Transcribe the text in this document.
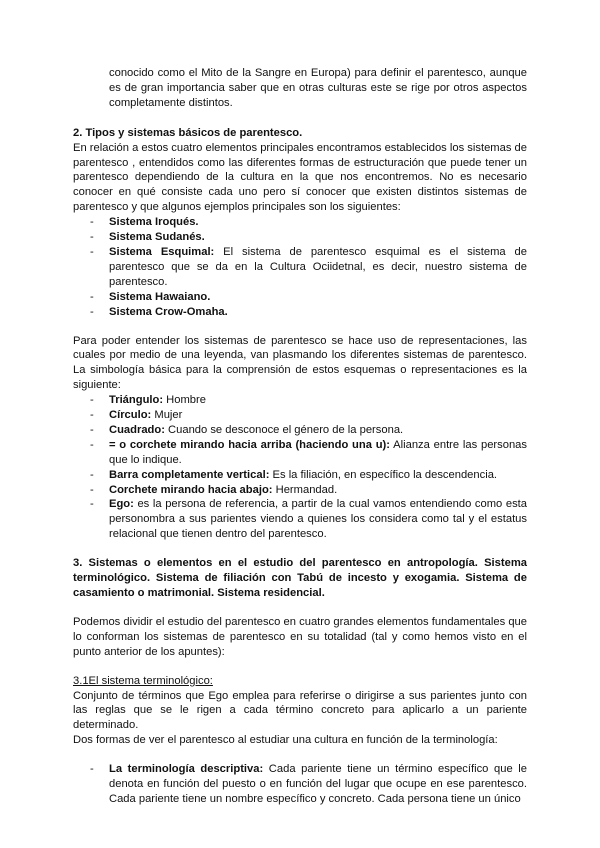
conocido como el Mito de la Sangre en Europa) para definir el parentesco, aunque es de gran importancia saber que en otras culturas este se rige por otros aspectos completamente distintos.

2. Tipos y sistemas básicos de parentesco.

En relación a estos cuatro elementos principales encontramos establecidos los sistemas de parentesco , entendidos como las diferentes formas de estructuración que puede tener un parentesco dependiendo de la cultura en la que nos encontremos. No es necesario conocer en qué consiste cada uno pero sí conocer que existen distintos sistemas de parentesco y que algunos ejemplos principales son los siguientes:

- Sistema Iroqués.
- Sistema Sudanés.
- Sistema Esquimal: El sistema de parentesco esquimal es el sistema de parentesco que se da en la Cultura Ociidetnal, es decir, nuestro sistema de parentesco.
- Sistema Hawaiano.
- Sistema Crow-Omaha.

Para poder entender los sistemas de parentesco se hace uso de representaciones, las cuales por medio de una leyenda, van plasmando los diferentes sistemas de parentesco. La simbología básica para la comprensión de estos esquemas o representaciones es la siguiente:

- Triángulo: Hombre
- Círculo: Mujer
- Cuadrado: Cuando se desconoce el género de la persona.
- = o corchete mirando hacia arriba (haciendo una u): Alianza entre las personas que lo indique.
- Barra completamente vertical: Es la filiación, en específico la descendencia.
- Corchete mirando hacia abajo: Hermandad.
- Ego: es la persona de referencia, a partir de la cual vamos entendiendo como esta personombra a sus parientes viendo a quienes los considera como tal y el estatus relacional que tienen dentro del parentesco.

3. Sistemas o elementos en el estudio del parentesco en antropología. Sistema terminológico. Sistema de filiación con Tabú de incesto y exogamia. Sistema de casamiento o matrimonial. Sistema residencial.

Podemos dividir el estudio del parentesco en cuatro grandes elementos fundamentales que lo conforman los sistemas de parentesco en su totalidad (tal y como hemos visto en el punto anterior de los apuntes):

3.1El sistema terminológico:

Conjunto de términos que Ego emplea para referirse o dirigirse a sus parientes junto con las reglas que se le rigen a cada término concreto para aplicarlo a un pariente determinado.

Dos formas de ver el parentesco al estudiar una cultura en función de la terminología:

- La terminología descriptiva: Cada pariente tiene un término específico que le denota en función del puesto o en función del lugar que ocupe en ese parentesco. Cada pariente tiene un nombre específico y concreto. Cada persona tiene un único
